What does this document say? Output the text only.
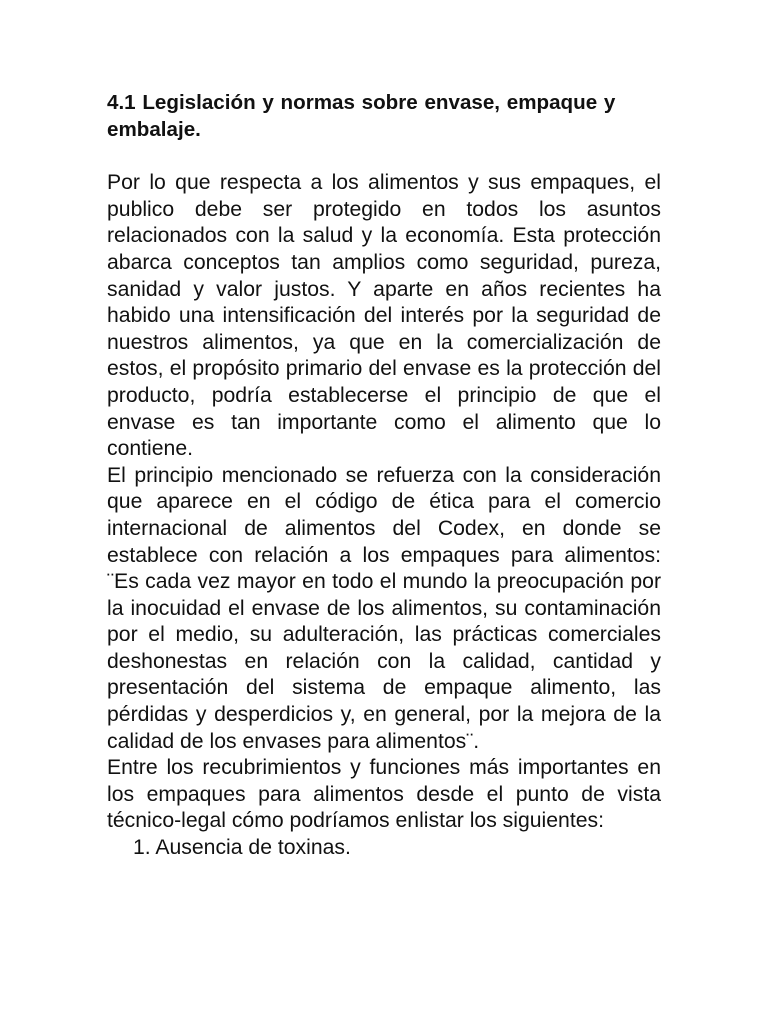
4.1 Legislación y normas sobre envase, empaque y embalaje.

Por lo que respecta a los alimentos y sus empaques, el publico debe ser protegido en todos los asuntos relacionados con la salud y la economía. Esta protección abarca conceptos tan amplios como seguridad, pureza, sanidad y valor justos. Y aparte en años recientes ha habido una intensificación del interés por la seguridad de nuestros alimentos, ya que en la comercialización de estos, el propósito primario del envase es la protección del producto, podría establecerse el principio de que el envase es tan importante como el alimento que lo contiene.

El principio mencionado se refuerza con la consideración que aparece en el código de ética para el comercio internacional de alimentos del Codex, en donde se establece con relación a los empaques para alimentos: ¨Es cada vez mayor en todo el mundo la preocupación por la inocuidad el envase de los alimentos, su contaminación por el medio, su adulteración, las prácticas comerciales deshonestas en relación con la calidad, cantidad y presentación del sistema de empaque alimento, las pérdidas y desperdicios y, en general, por la mejora de la calidad de los envases para alimentos¨.

Entre los recubrimientos y funciones más importantes en los empaques para alimentos desde el punto de vista técnico-legal cómo podríamos enlistar los siguientes:

1. Ausencia de toxinas.
